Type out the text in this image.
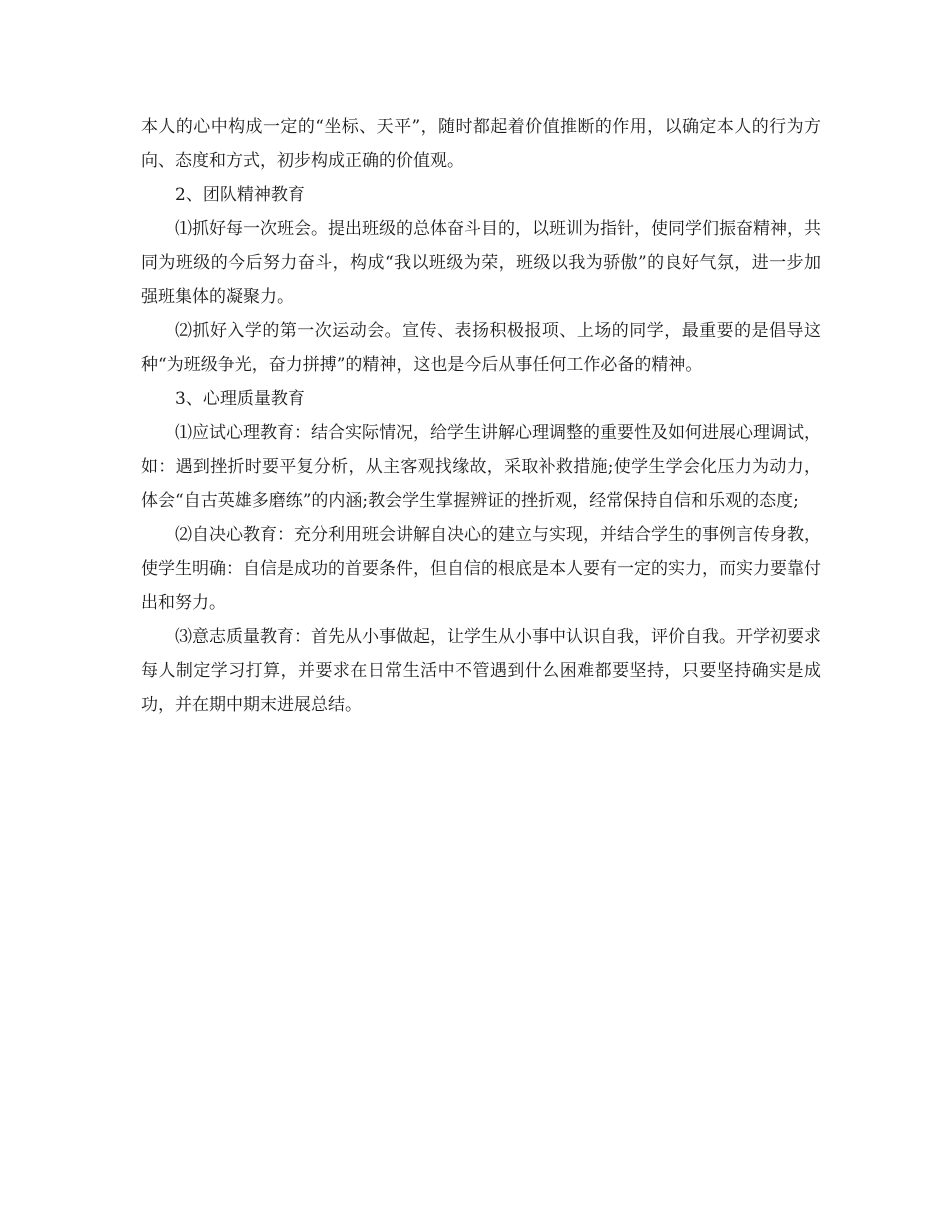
本人的心中构成一定的“坐标、天平”，随时都起着价值推断的作用，以确定本人的行为方向、态度和方式，初步构成正确的价值观。

2、团队精神教育

⑴抓好每一次班会。提出班级的总体奋斗目的，以班训为指针，使同学们振奋精神，共同为班级的今后努力奋斗，构成“我以班级为荣，班级以我为骄傲”的良好气氛，进一步加强班集体的凝聚力。

⑵抓好入学的第一次运动会。宣传、表扬积极报项、上场的同学，最重要的是倡导这种“为班级争光，奋力拼搏”的精神，这也是今后从事任何工作必备的精神。

3、心理质量教育

⑴应试心理教育：结合实际情况，给学生讲解心理调整的重要性及如何进展心理调试，如：遇到挫折时要平复分析，从主客观找缘故，采取补救措施;使学生学会化压力为动力，体会“自古英雄多磨练”的内涵;教会学生掌握辨证的挫折观，经常保持自信和乐观的态度;

⑵自决心教育：充分利用班会讲解自决心的建立与实现，并结合学生的事例言传身教，使学生明确：自信是成功的首要条件，但自信的根底是本人要有一定的实力，而实力要靠付出和努力。

⑶意志质量教育：首先从小事做起，让学生从小事中认识自我，评价自我。开学初要求每人制定学习打算，并要求在日常生活中不管遇到什么困难都要坚持，只要坚持确实是成功，并在期中期末进展总结。
